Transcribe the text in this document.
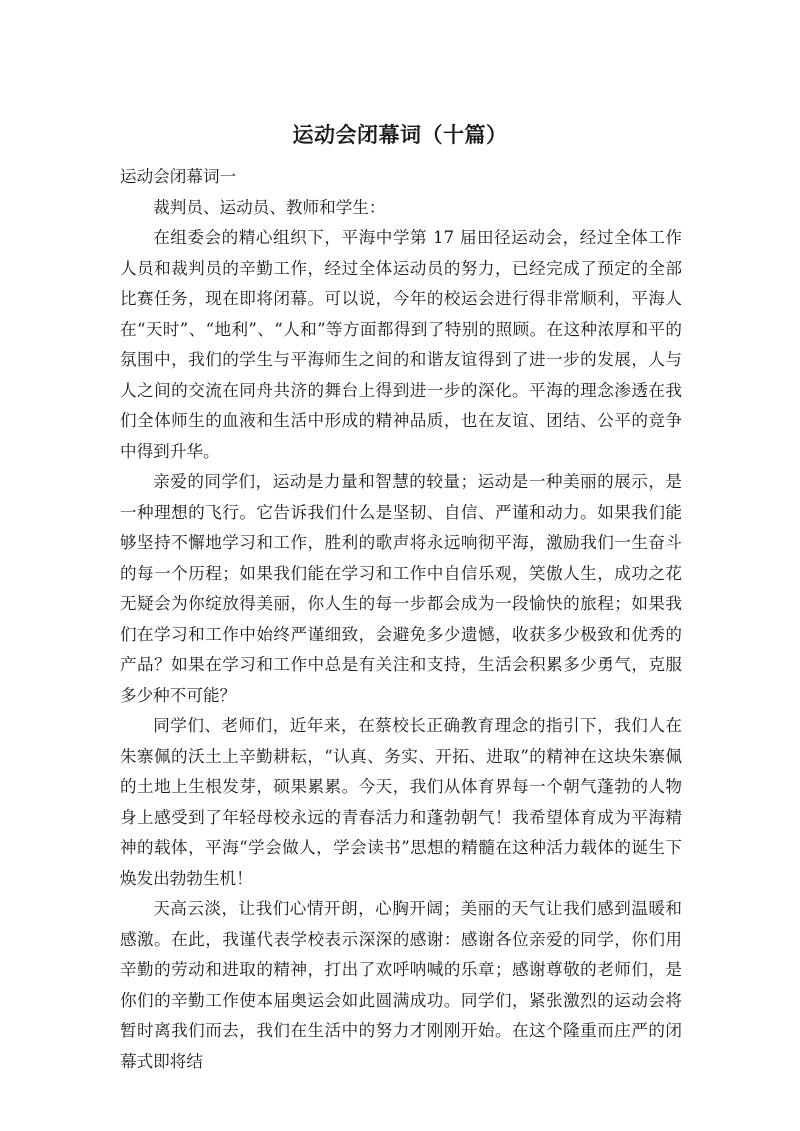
运动会闭幕词（十篇）

运动会闭幕词一

裁判员、运动员、教师和学生：

在组委会的精心组织下，平海中学第 17 届田径运动会，经过全体工作人员和裁判员的辛勤工作，经过全体运动员的努力，已经完成了预定的全部比赛任务，现在即将闭幕。可以说，今年的校运会进行得非常顺利，平海人在“天时”、“地利”、“人和”等方面都得到了特别的照顾。在这种浓厚和平的氛围中，我们的学生与平海师生之间的和谐友谊得到了进一步的发展，人与人之间的交流在同舟共济的舞台上得到进一步的深化。平海的理念渗透在我们全体师生的血液和生活中形成的精神品质，也在友谊、团结、公平的竞争中得到升华。

亲爱的同学们，运动是力量和智慧的较量；运动是一种美丽的展示，是一种理想的飞行。它告诉我们什么是坚韧、自信、严谨和动力。如果我们能够坚持不懈地学习和工作，胜利的歌声将永远响彻平海，激励我们一生奋斗的每一个历程；如果我们能在学习和工作中自信乐观，笑傲人生，成功之花无疑会为你绽放得美丽，你人生的每一步都会成为一段愉快的旅程；如果我们在学习和工作中始终严谨细致，会避免多少遗憾，收获多少极致和优秀的产品？如果在学习和工作中总是有关注和支持，生活会积累多少勇气，克服多少种不可能？

同学们、老师们，近年来，在蔡校长正确教育理念的指引下，我们人在朱寨佩的沃土上辛勤耕耘，“认真、务实、开拓、进取”的精神在这块朱寨佩的土地上生根发芽，硕果累累。今天，我们从体育界每一个朝气蓬勃的人物身上感受到了年轻母校永远的青春活力和蓬勃朝气！我希望体育成为平海精神的载体，平海“学会做人，学会读书”思想的精髓在这种活力载体的诞生下焕发出勃勃生机！

天高云淡，让我们心情开朗，心胸开阔；美丽的天气让我们感到温暖和感激。在此，我谨代表学校表示深深的感谢：感谢各位亲爱的同学，你们用辛勤的劳动和进取的精神，打出了欢呼呐喊的乐章；感谢尊敬的老师们，是你们的辛勤工作使本届奥运会如此圆满成功。同学们，紧张激烈的运动会将暂时离我们而去，我们在生活中的努力才刚刚开始。在这个隆重而庄严的闭幕式即将结
